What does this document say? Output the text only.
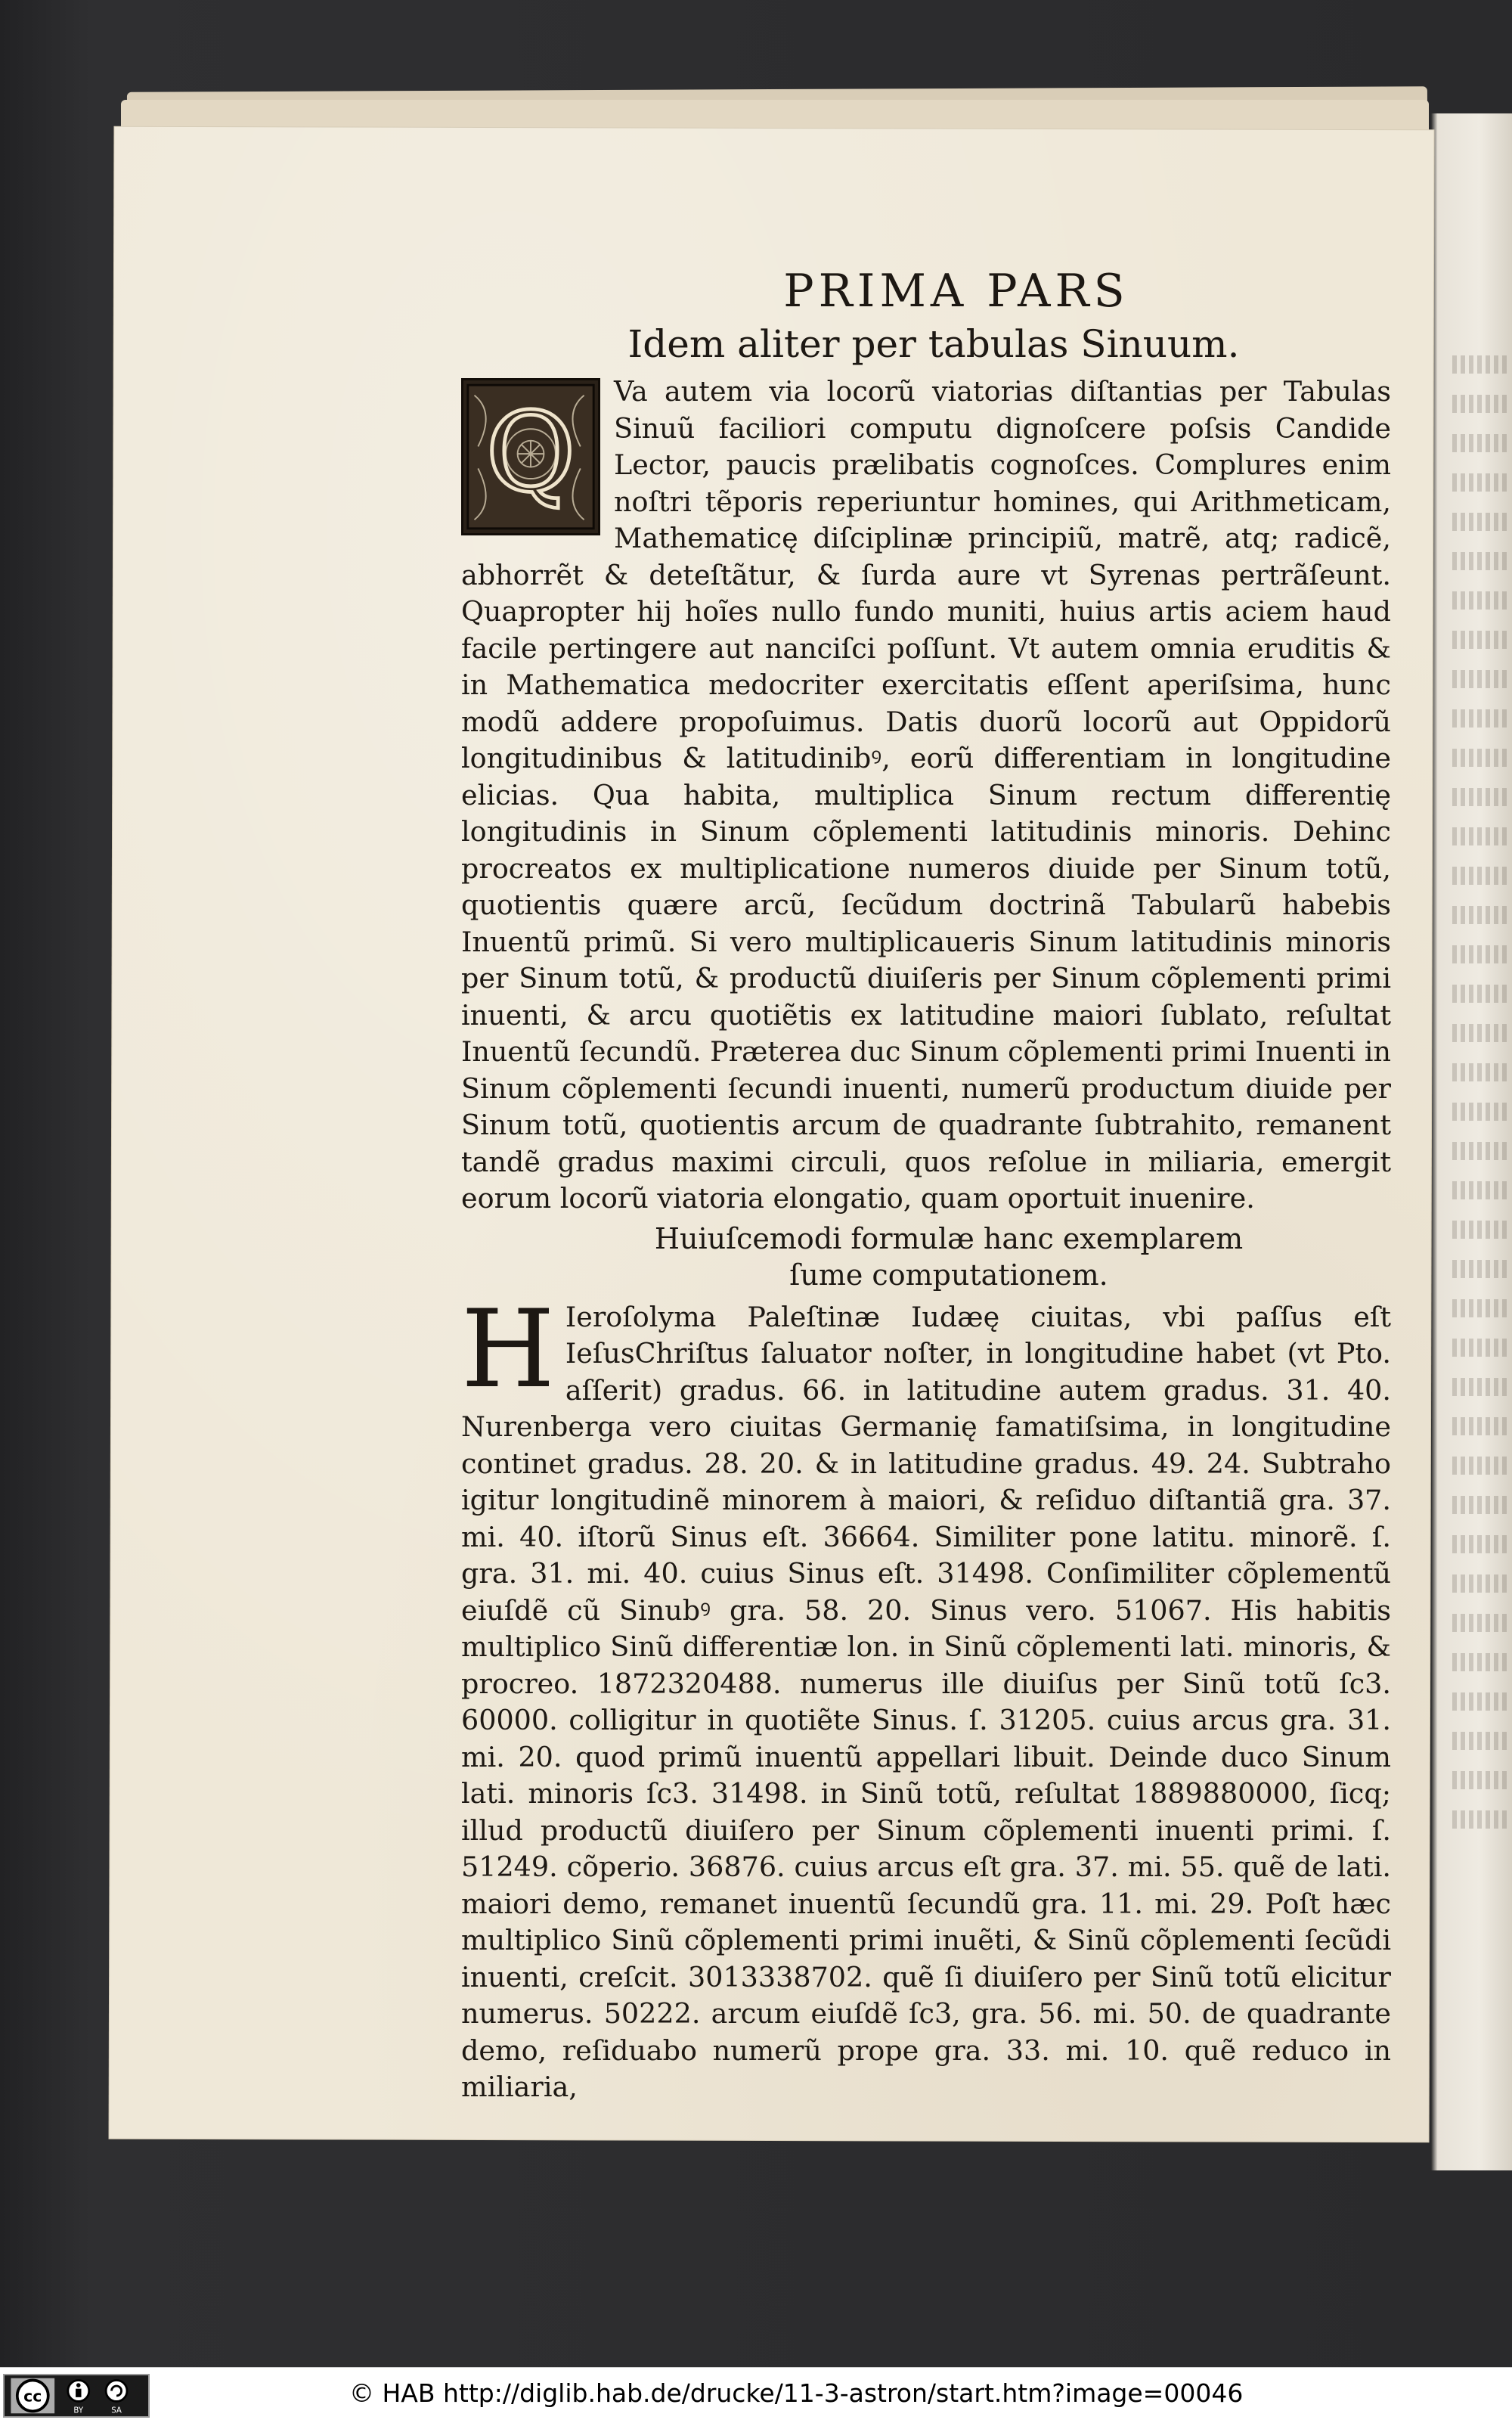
PRIMA PARS
Idem aliter per tabulas Sinuum.

Q Va autem via locorũ viatorias diſtantias per Tabulas Sinuũ faciliori computu dignoſcere poſsis Candide Lector, paucis prælibatis cognoſces. Complures enim noſtri tẽporis reperiuntur homines, qui Arithmeticam, Mathematicę diſciplinæ principiũ, matrẽ, atq; radicẽ, abhorrẽt & deteſtãtur, & ſurda aure vt Syrenas pertrãſeunt. Quapropter hij hoĩes nullo fundo muniti, huius artis aciem haud facile pertingere aut nanciſci poſſunt. Vt autem omnia eruditis & in Mathematica medocriter exercitatis eſſent aperiſsima, hunc modũ addere propoſuimus. Datis duorũ locorũ aut Oppidorũ longitudinibus & latitudinibꝰ, eorũ differentiam in longitudine elicias. Qua habita, multiplica Sinum rectum differentię longitudinis in Sinum cõplementi latitudinis minoris. Dehinc procreatos ex multiplicatione numeros diuide per Sinum totũ, quotientis quære arcũ, ſecũdum doctrinã Tabularũ habebis Inuentũ primũ. Si vero multiplicaueris Sinum latitudinis minoris per Sinum totũ, & productũ diuiſeris per Sinum cõplementi primi inuenti, & arcu quotiẽtis ex latitudine maiori ſublato, reſultat Inuentũ ſecundũ. Præterea duc Sinum cõplementi primi Inuenti in Sinum cõplementi ſecundi inuenti, numerũ productum diuide per Sinum totũ, quotientis arcum de quadrante ſubtrahito, remanent tandẽ gradus maximi circuli, quos reſolue in miliaria, emergit eorum locorũ viatoria elongatio, quam oportuit inuenire.

Huiuſcemodi formulæ hanc exemplarem
ſume computationem.

H Ieroſolyma Paleſtinæ Iudæę ciuitas, vbi paſſus eſt IeſusChriſtus ſaluator noſter, in longitudine habet (vt Pto. aſſerit) gradus. 66. in latitudine autem gradus. 31. 40. Nurenberga vero ciuitas Germanię famatiſsima, in longitudine continet gradus. 28. 20. & in latitudine gradus. 49. 24. Subtraho igitur longitudinẽ minorem à maiori, & reſiduo diſtantiã gra. 37. mi. 40. iſtorũ Sinus eſt. 36664. Similiter pone latitu. minorẽ. ſ. gra. 31. mi. 40. cuius Sinus eſt. 31498. Conſimiliter cõplementũ eiuſdẽ cũ Sinubꝰ gra. 58. 20. Sinus vero. 51067. His habitis multiplico Sinũ differentiæ lon. in Sinũ cõplementi lati. minoris, & procreo. 1872320488. numerus ille diuiſus per Sinũ totũ ſc3. 60000. colligitur in quotiẽte Sinus. ſ. 31205. cuius arcus gra. 31. mi. 20. quod primũ inuentũ appellari libuit. Deinde duco Sinum lati. minoris ſc3. 31498. in Sinũ totũ, reſultat 1889880000, ſicq; illud productũ diuiſero per Sinum cõplementi inuenti primi. ſ. 51249. cõperio. 36876. cuius arcus eſt gra. 37. mi. 55. quẽ de lati. maiori demo, remanet inuentũ ſecundũ gra. 11. mi. 29. Poſt hæc multiplico Sinũ cõplementi primi inuẽti, & Sinũ cõplementi ſecũdi inuenti, creſcit. 3013338702. quẽ ſi diuiſero per Sinũ totũ elicitur numerus. 50222. arcum eiuſdẽ ſc3, gra. 56. mi. 50. de quadrante demo, reſiduabo numerũ prope gra. 33. mi. 10. quẽ reduco in miliaria,

cc
BY	SA
© HAB http://diglib.hab.de/drucke/11-3-astron/start.htm?image=00046
